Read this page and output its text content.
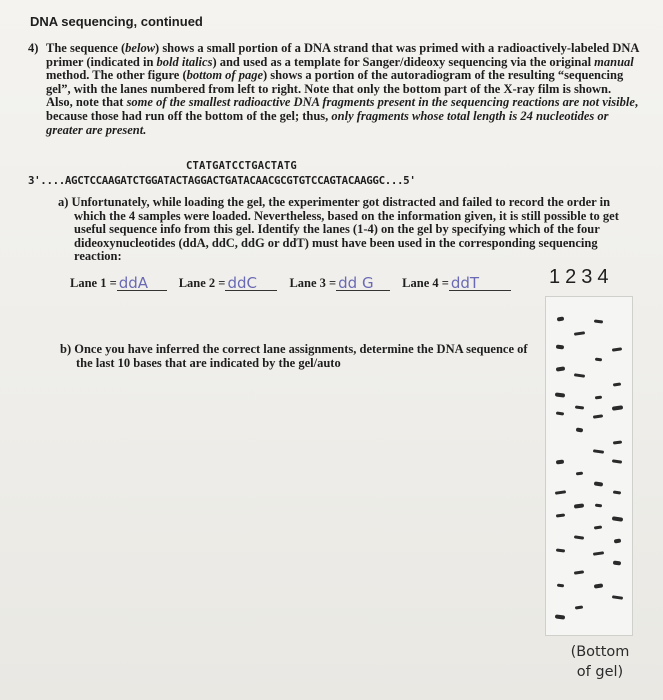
DNA sequencing, continued
4) The sequence (below) shows a small portion of a DNA strand that was primed with a radioactively-labeled DNA primer (indicated in bold italics) and used as a template for Sanger/dideoxy sequencing via the original manual method. The other figure (bottom of page) shows a portion of the autoradiogram of the resulting “sequencing gel”, with the lanes numbered from left to right. Note that only the bottom part of the X-ray film is shown. Also, note that some of the smallest radioactive DNA fragments present in the sequencing reactions are not visible, because those had run off the bottom of the gel; thus, only fragments whose total length is 24 nucleotides or greater are present.
CTATGATCCTGACTATG
3'....AGCTCCAAGATCTGGATACTAGGACTGATACAACGCGTGTCCAGTACAAGGC...5'
a) Unfortunately, while loading the gel, the experimenter got distracted and failed to record the order in which the 4 samples were loaded. Nevertheless, based on the information given, it is still possible to get useful sequence info from this gel. Identify the lanes (1-4) on the gel by specifying which of the four dideoxynucleotides (ddA, ddC, ddG or ddT) must have been used in the corresponding sequencing reaction:
Lane 1 = ddA	Lane 2 = ddC	Lane 3 = dd G	Lane 4 = ddT	1234
b) Once you have inferred the correct lane assignments, determine the DNA sequence of the last 10 bases that are indicated by the gel/auto
(Bottom
of gel)
